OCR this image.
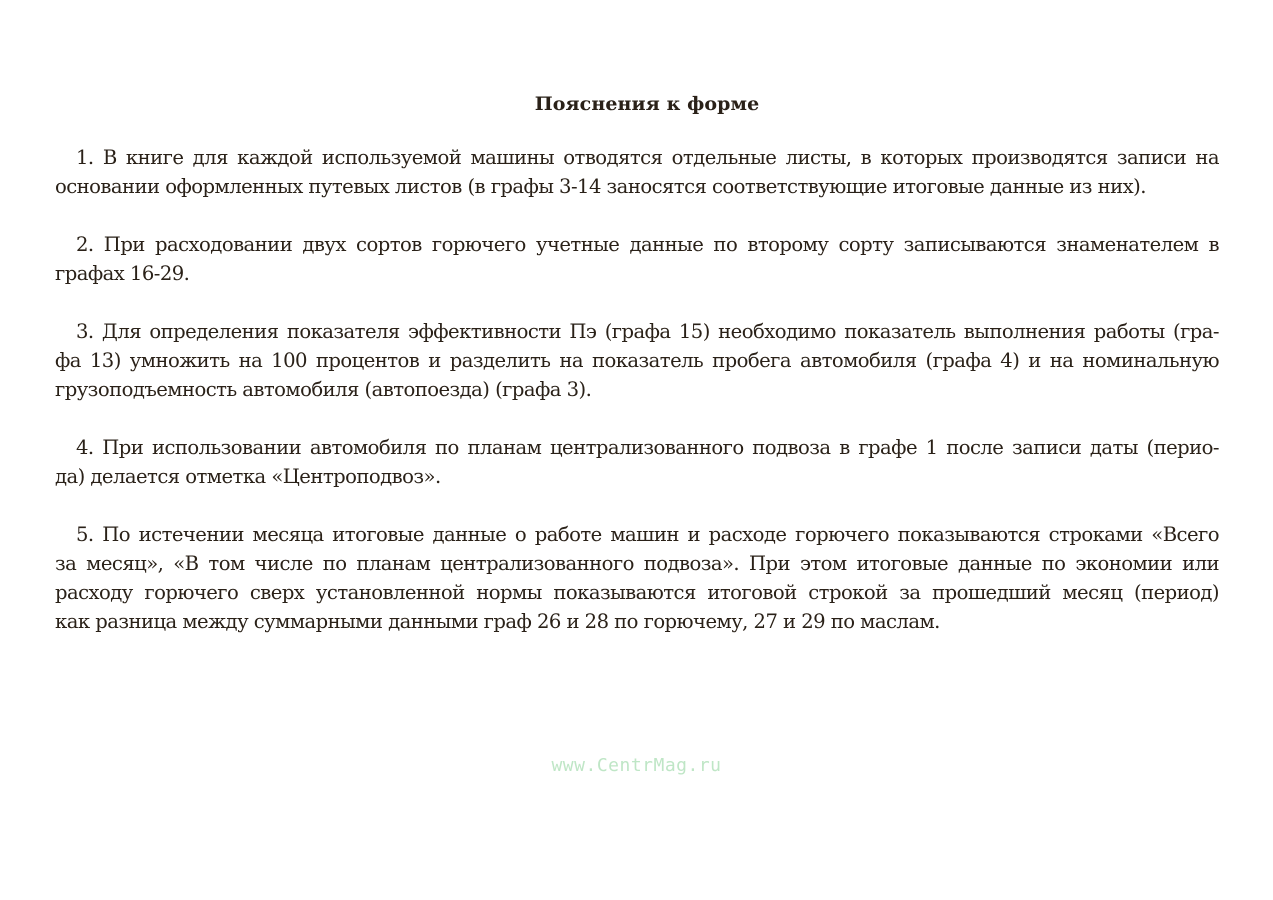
Пояснения к форме
1. В книге для каждой используемой машины отводятся отдельные листы, в которых производятся записи на
основании оформленных путевых листов (в графы 3-14 заносятся соответствующие итоговые данные из них).
2. При расходовании двух сортов горючего учетные данные по второму сорту записываются знаменателем в
графах 16-29.
3. Для определения показателя эффективности Пэ (графа 15) необходимо показатель выполнения работы (гра-
фа 13) умножить на 100 процентов и разделить на показатель пробега автомобиля (графа 4) и на номинальную
грузоподъемность автомобиля (автопоезда) (графа 3).
4. При использовании автомобиля по планам централизованного подвоза в графе 1 после записи даты (перио-
да) делается отметка «Центроподвоз».
5. По истечении месяца итоговые данные о работе машин и расходе горючего показываются строками «Всего
за месяц», «В том числе по планам централизованного подвоза». При этом итоговые данные по экономии или
расходу горючего сверх установленной нормы показываются итоговой строкой за прошедший месяц (период)
как разница между суммарными данными граф 26 и 28 по горючему, 27 и 29 по маслам.
www.CentrMag.ru
